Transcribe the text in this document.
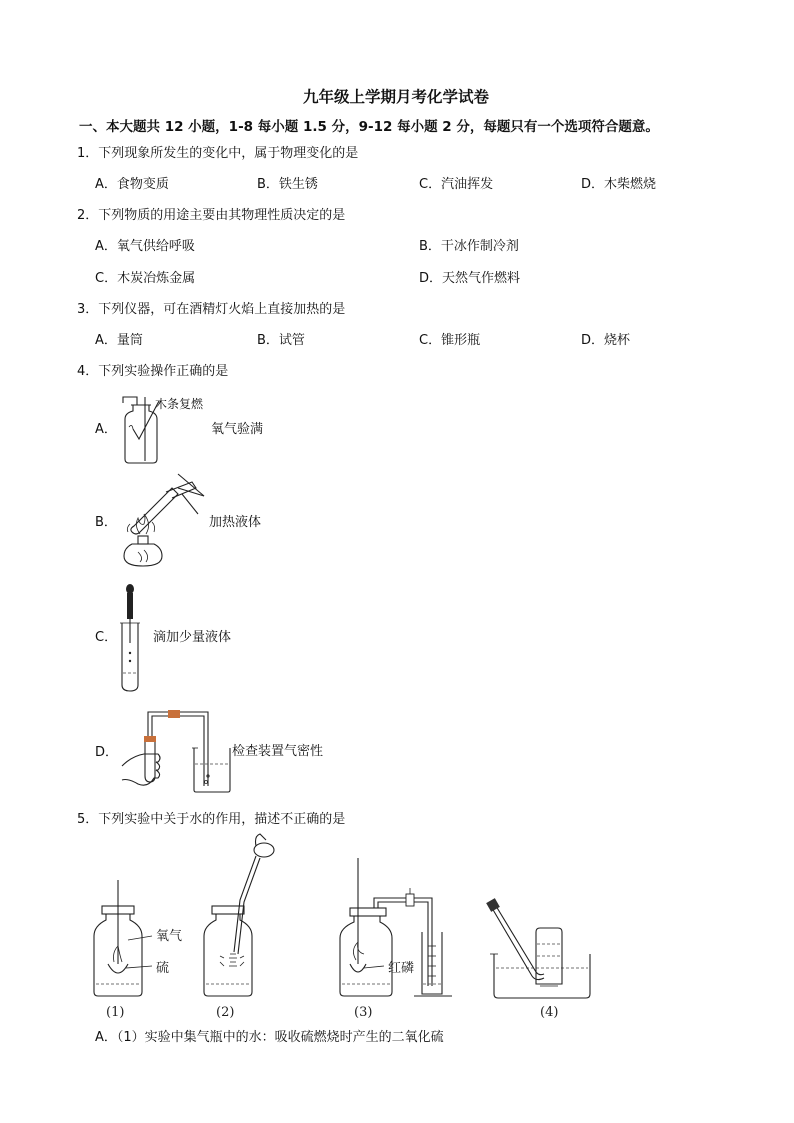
九年级上学期月考化学试卷
一、本大题共 12 小题，1-8 每小题 1.5 分，9-12 每小题 2 分，每题只有一个选项符合题意。
1．下列现象所发生的变化中，属于物理变化的是
A．食物变质	B．铁生锈	C．汽油挥发	D．木柴燃烧
2．下列物质的用途主要由其物理性质决定的是
A．氧气供给呼吸	B．干冰作制冷剂
C．木炭冶炼金属	D．天然气作燃料
3．下列仪器，可在酒精灯火焰上直接加热的是
A．量筒	B．试管	C．锥形瓶	D．烧杯
4．下列实验操作正确的是
A．
木条复燃
氧气验满
B．	加热液体
C．	滴加少量液体
D．	检查装置气密性
5．下列实验中关于水的作用，描述不正确的是
氧气
硫
(1)	(2)
红磷
(3)	(4)
A．（1）实验中集气瓶中的水：吸收硫燃烧时产生的二氧化硫
